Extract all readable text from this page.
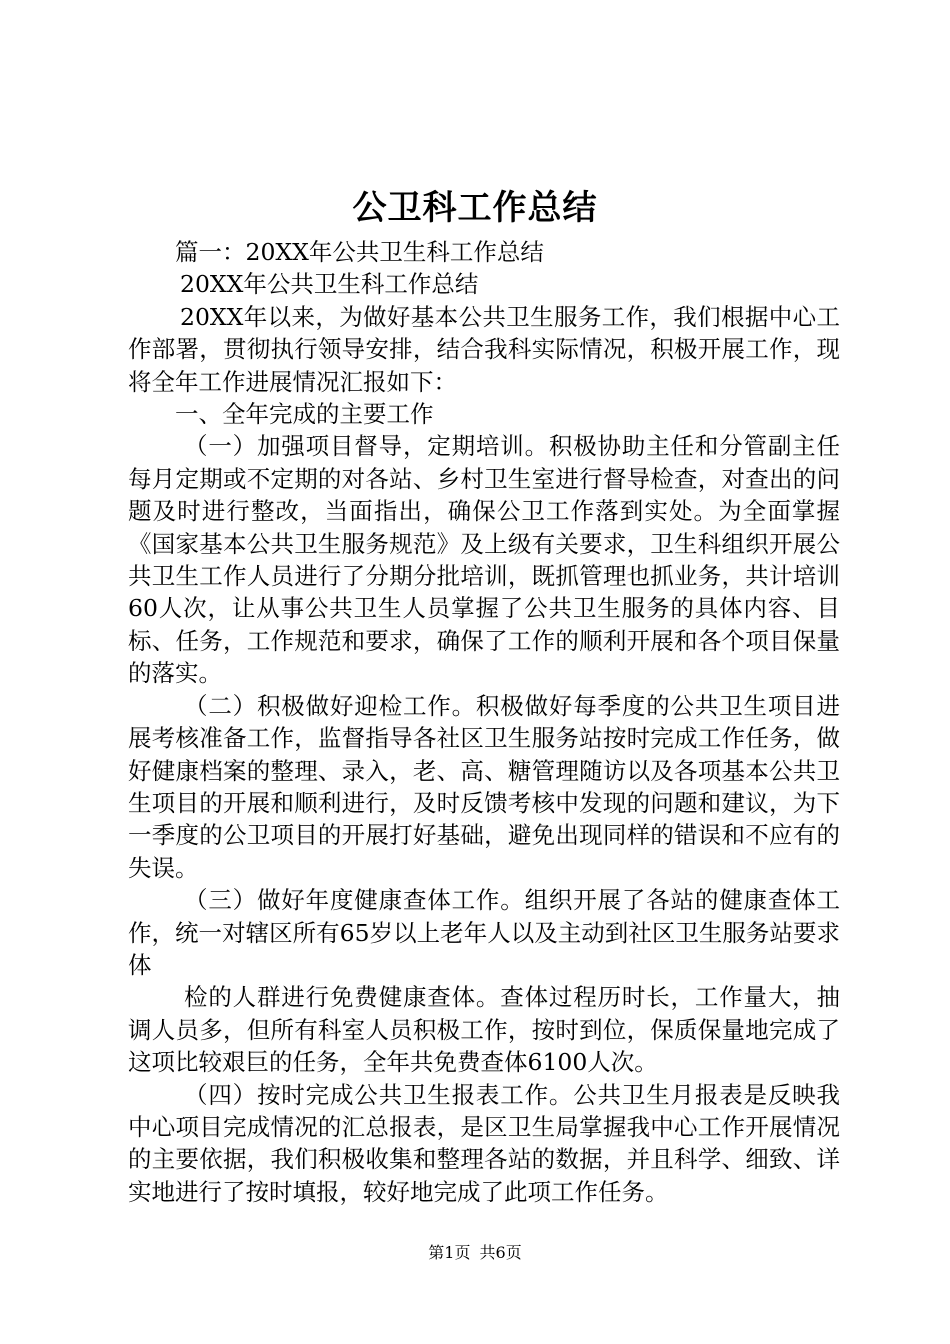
公卫科工作总结

篇一：20XX年公共卫生科工作总结

20XX年公共卫生科工作总结

20XX年以来，为做好基本公共卫生服务工作，我们根据中心工作部署，贯彻执行领导安排，结合我科实际情况，积极开展工作，现将全年工作进展情况汇报如下：

一、全年完成的主要工作

（一）加强项目督导，定期培训。积极协助主任和分管副主任每月定期或不定期的对各站、乡村卫生室进行督导检查，对查出的问题及时进行整改，当面指出，确保公卫工作落到实处。为全面掌握《国家基本公共卫生服务规范》及上级有关要求，卫生科组织开展公共卫生工作人员进行了分期分批培训，既抓管理也抓业务，共计培训60人次，让从事公共卫生人员掌握了公共卫生服务的具体内容、目标、任务，工作规范和要求，确保了工作的顺利开展和各个项目保量的落实。

（二）积极做好迎检工作。积极做好每季度的公共卫生项目进展考核准备工作，监督指导各社区卫生服务站按时完成工作任务，做好健康档案的整理、录入，老、高、糖管理随访以及各项基本公共卫生项目的开展和顺利进行，及时反馈考核中发现的问题和建议，为下一季度的公卫项目的开展打好基础，避免出现同样的错误和不应有的失误。

（三）做好年度健康查体工作。组织开展了各站的健康查体工作，统一对辖区所有65岁以上老年人以及主动到社区卫生服务站要求体

检的人群进行免费健康查体。查体过程历时长，工作量大，抽调人员多，但所有科室人员积极工作，按时到位，保质保量地完成了这项比较艰巨的任务，全年共免费查体6100人次。

（四）按时完成公共卫生报表工作。公共卫生月报表是反映我中心项目完成情况的汇总报表，是区卫生局掌握我中心工作开展情况的主要依据，我们积极收集和整理各站的数据，并且科学、细致、详实地进行了按时填报，较好地完成了此项工作任务。

第1页 共6页
